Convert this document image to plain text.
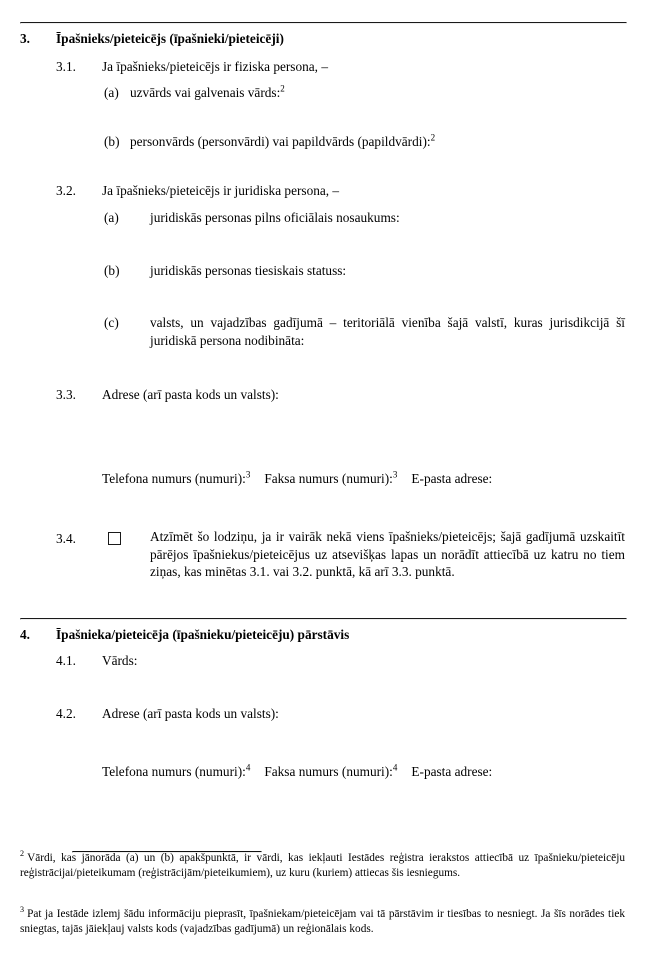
3. Īpašnieks/pieteicējs (īpašnieki/pieteicēji)
3.1. Ja īpašnieks/pieteicējs ir fiziska persona, –
(a) uzvārds vai galvenais vārds:$^2$
(b) personvārds (personvārdi) vai papildvārds (papildvārdi):$^2$
3.2. Ja īpašnieks/pieteicējs ir juridiska persona, –
(a) juridiskās personas pilns oficiālais nosaukums:
(b) juridiskās personas tiesiskais statuss:
(c) valsts, un vajadzības gadījumā – teritoriālā vienība šajā valstī, kuras jurisdikcijā šī juridiskā persona nodibināta:
3.3. Adrese (arī pasta kods un valsts):
Telefona numurs (numuri):$^3$ Faksa numurs (numuri):$^3$ E-pasta adrese:
3.4.	Atzīmēt šo lodziņu, ja ir vairāk nekā viens īpašnieks/pieteicējs; šajā gadījumā uzskaitīt pārējos īpašniekus/pieteicējus uz atsevišķas lapas un norādīt attiecībā uz katru no tiem ziņas, kas minētas 3.1. vai 3.2. punktā, kā arī 3.3. punktā.
4. Īpašnieka/pieteicēja (īpašnieku/pieteicēju) pārstāvis
4.1. Vārds:
4.2. Adrese (arī pasta kods un valsts):
Telefona numurs (numuri):$^4$ Faksa numurs (numuri):$^4$ E-pasta adrese:
$^2$ Vārdi, kas jānorāda (a) un (b) apakšpunktā, ir vārdi, kas iekļauti Iestādes reģistra ierakstos attiecībā uz īpašnieku/pieteicēju reģistrācijai/pieteikumam (reģistrācijām/pieteikumiem), uz kuru (kuriem) attiecas šis iesniegums.
$^3$ Pat ja Iestāde izlemj šādu informāciju pieprasīt, īpašniekam/pieteicējam vai tā pārstāvim ir tiesības to nesniegt. Ja šīs norādes tiek sniegtas, tajās jāiekļauj valsts kods (vajadzības gadījumā) un reģionālais kods.
